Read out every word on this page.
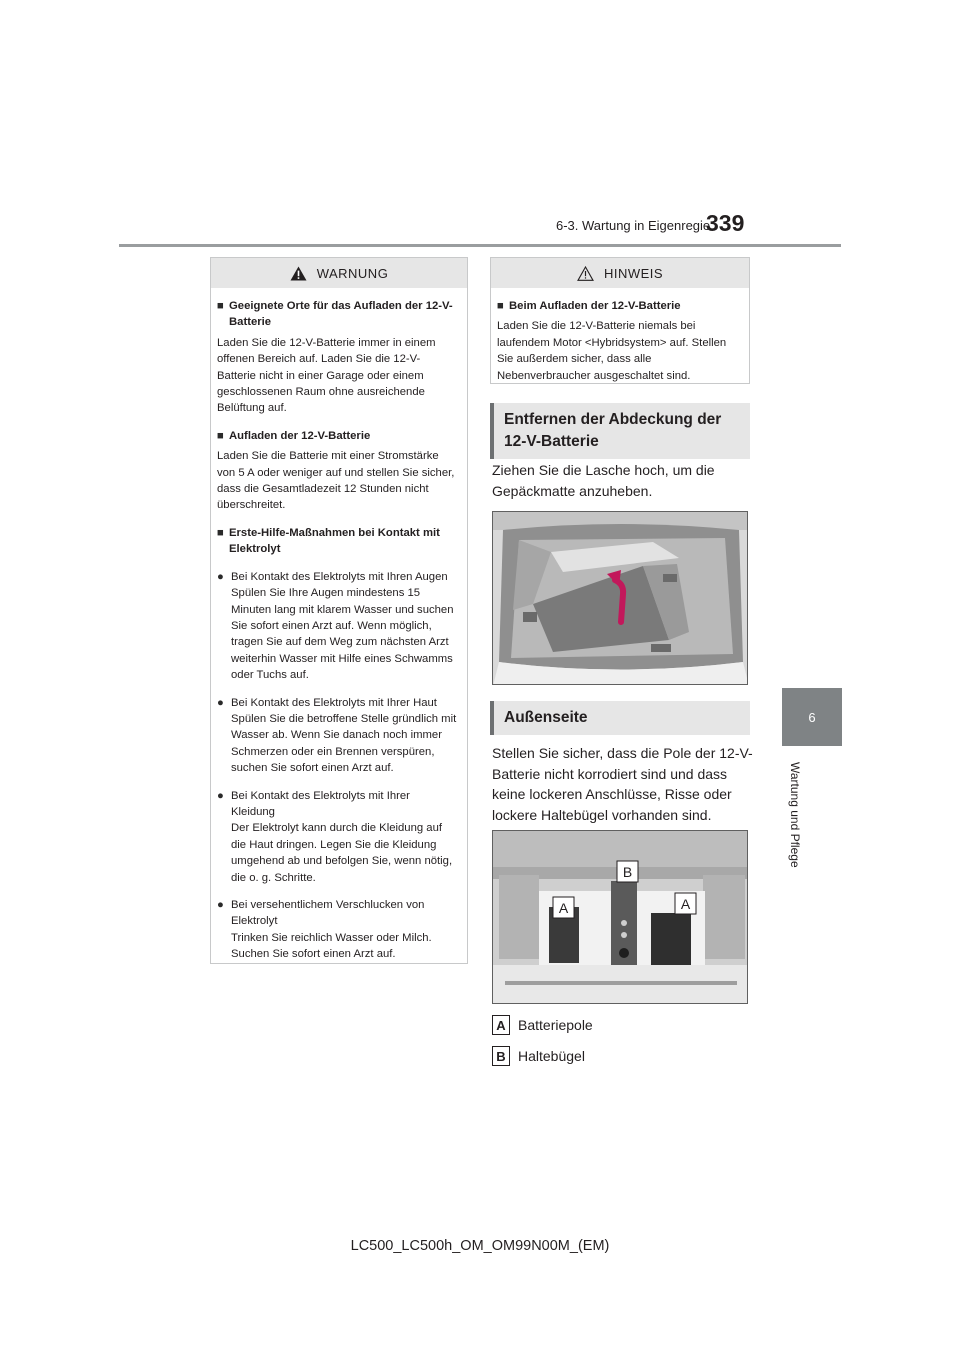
6-3. Wartung in Eigenregie
339
6
Wartung und Pflege
WARNUNG

■ Geeignete Orte für das Aufladen der 12-V-Batterie

Laden Sie die 12-V-Batterie immer in einem offenen Bereich auf. Laden Sie die 12-V-Batterie nicht in einer Garage oder einem geschlossenen Raum ohne ausreichende Belüftung auf.

■ Aufladen der 12-V-Batterie

Laden Sie die Batterie mit einer Stromstärke von 5 A oder weniger auf und stellen Sie sicher, dass die Gesamtladezeit 12 Stunden nicht überschreitet.

■ Erste-Hilfe-Maßnahmen bei Kontakt mit Elektrolyt

● Bei Kontakt des Elektrolyts mit Ihren Augen

Spülen Sie Ihre Augen mindestens 15 Minuten lang mit klarem Wasser und suchen Sie sofort einen Arzt auf. Wenn möglich, tragen Sie auf dem Weg zum nächsten Arzt weiterhin Wasser mit Hilfe eines Schwamms oder Tuchs auf.

● Bei Kontakt des Elektrolyts mit Ihrer Haut

Spülen Sie die betroffene Stelle gründlich mit Wasser ab. Wenn Sie danach noch immer Schmerzen oder ein Brennen verspüren, suchen Sie sofort einen Arzt auf.

● Bei Kontakt des Elektrolyts mit Ihrer Kleidung

Der Elektrolyt kann durch die Kleidung auf die Haut dringen. Legen Sie die Kleidung umgehend ab und befolgen Sie, wenn nötig, die o. g. Schritte.

● Bei versehentlichem Verschlucken von Elektrolyt

Trinken Sie reichlich Wasser oder Milch. Suchen Sie sofort einen Arzt auf.

HINWEIS

■ Beim Aufladen der 12-V-Batterie

Laden Sie die 12-V-Batterie niemals bei laufendem Motor <Hybridsystem> auf. Stellen Sie außerdem sicher, dass alle Nebenverbraucher ausgeschaltet sind.

Entfernen der Abdeckung der 12-V-Batterie
Ziehen Sie die Lasche hoch, um die Gepäckmatte anzuheben.
Außenseite
Stellen Sie sicher, dass die Pole der 12-V-Batterie nicht korrodiert sind und dass keine lockeren Anschlüsse, Risse oder lockere Haltebügel vorhanden sind.
B
A	A
A Batteriepole
B Haltebügel
LC500_LC500h_OM_OM99N00M_(EM)
